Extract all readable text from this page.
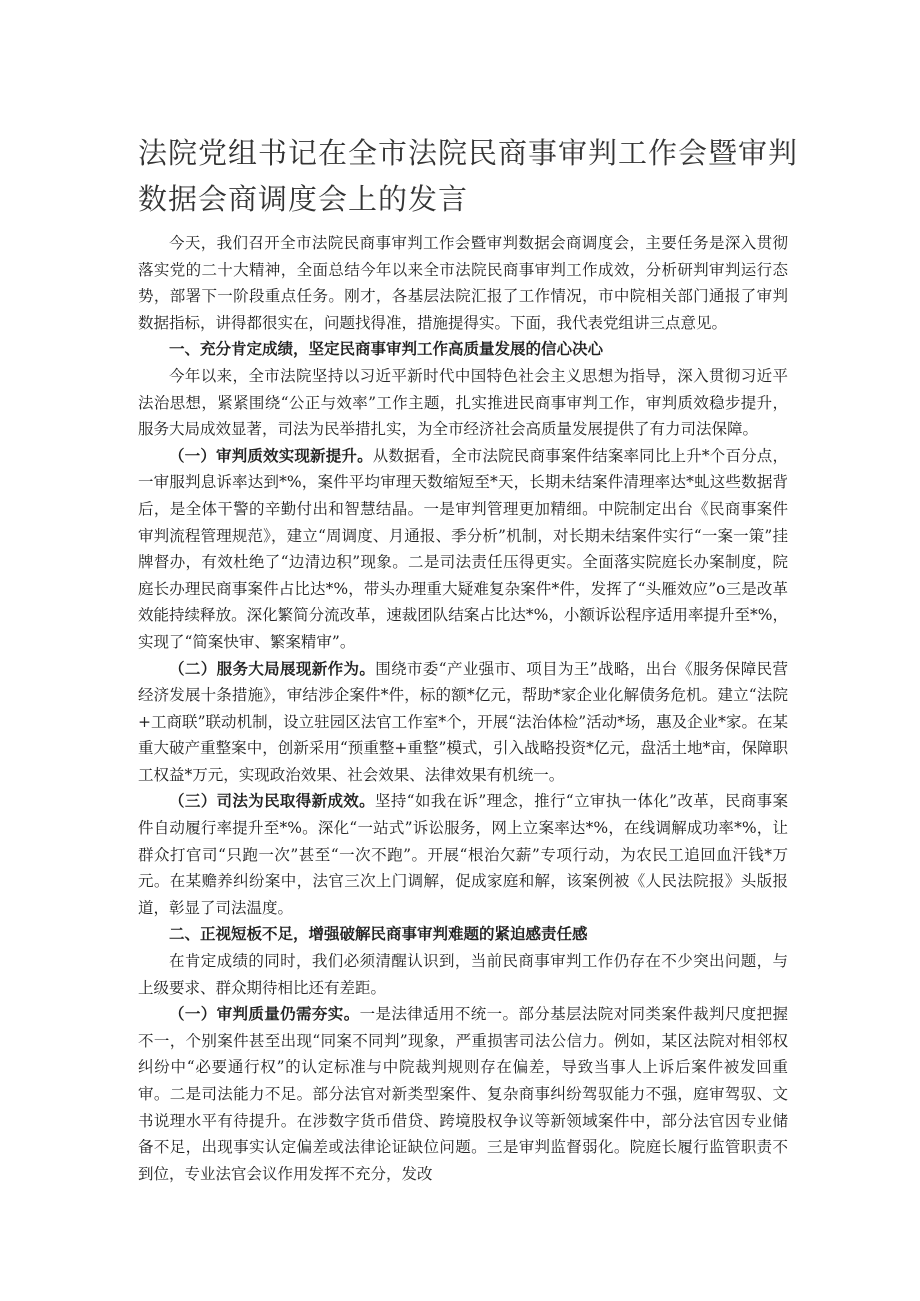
法院党组书记在全市法院民商事审判工作会暨审判数据会商调度会上的发言

今天，我们召开全市法院民商事审判工作会暨审判数据会商调度会，主要任务是深入贯彻落实党的二十大精神，全面总结今年以来全市法院民商事审判工作成效，分析研判审判运行态势，部署下一阶段重点任务。刚才，各基层法院汇报了工作情况，市中院相关部门通报了审判数据指标，讲得都很实在，问题找得准，措施提得实。下面，我代表党组讲三点意见。

一、充分肯定成绩，坚定民商事审判工作高质量发展的信心决心

今年以来，全市法院坚持以习近平新时代中国特色社会主义思想为指导，深入贯彻习近平法治思想，紧紧围绕“公正与效率”工作主题，扎实推进民商事审判工作，审判质效稳步提升，服务大局成效显著，司法为民举措扎实，为全市经济社会高质量发展提供了有力司法保障。

（一）审判质效实现新提升。从数据看，全市法院民商事案件结案率同比上升*个百分点，一审服判息诉率达到*%，案件平均审理天数缩短至*天，长期未结案件清理率达*虬这些数据背后，是全体干警的辛勤付出和智慧结晶。一是审判管理更加精细。中院制定出台《民商事案件审判流程管理规范》，建立“周调度、月通报、季分析”机制，对长期未结案件实行“一案一策”挂牌督办，有效杜绝了“边清边积”现象。二是司法责任压得更实。全面落实院庭长办案制度，院庭长办理民商事案件占比达*%，带头办理重大疑难复杂案件*件，发挥了“头雁效应”o三是改革效能持续释放。深化繁简分流改革，速裁团队结案占比达*%，小额诉讼程序适用率提升至*%，实现了“简案快审、繁案精审”。

（二）服务大局展现新作为。围绕市委“产业强市、项目为王”战略，出台《服务保障民营经济发展十条措施》，审结涉企案件*件，标的额*亿元，帮助*家企业化解债务危机。建立“法院+工商联”联动机制，设立驻园区法官工作室*个，开展“法治体检”活动*场，惠及企业*家。在某重大破产重整案中，创新采用“预重整+重整”模式，引入战略投资*亿元，盘活土地*亩，保障职工权益*万元，实现政治效果、社会效果、法律效果有机统一。

（三）司法为民取得新成效。坚持“如我在诉”理念，推行“立审执一体化”改革，民商事案件自动履行率提升至*%。深化“一站式”诉讼服务，网上立案率达*%，在线调解成功率*%，让群众打官司“只跑一次”甚至“一次不跑”。开展“根治欠薪”专项行动，为农民工追回血汗钱*万元。在某赡养纠纷案中，法官三次上门调解，促成家庭和解，该案例被《人民法院报》头版报道，彰显了司法温度。

二、正视短板不足，增强破解民商事审判难题的紧迫感责任感

在肯定成绩的同时，我们必须清醒认识到，当前民商事审判工作仍存在不少突出问题，与上级要求、群众期待相比还有差距。

（一）审判质量仍需夯实。一是法律适用不统一。部分基层法院对同类案件裁判尺度把握不一，个别案件甚至出现“同案不同判”现象，严重损害司法公信力。例如，某区法院对相邻权纠纷中“必要通行权”的认定标准与中院裁判规则存在偏差，导致当事人上诉后案件被发回重审。二是司法能力不足。部分法官对新类型案件、复杂商事纠纷驾驭能力不强，庭审驾驭、文书说理水平有待提升。在涉数字货币借贷、跨境股权争议等新领域案件中，部分法官因专业储备不足，出现事实认定偏差或法律论证缺位问题。三是审判监督弱化。院庭长履行监管职责不到位，专业法官会议作用发挥不充分，发改
